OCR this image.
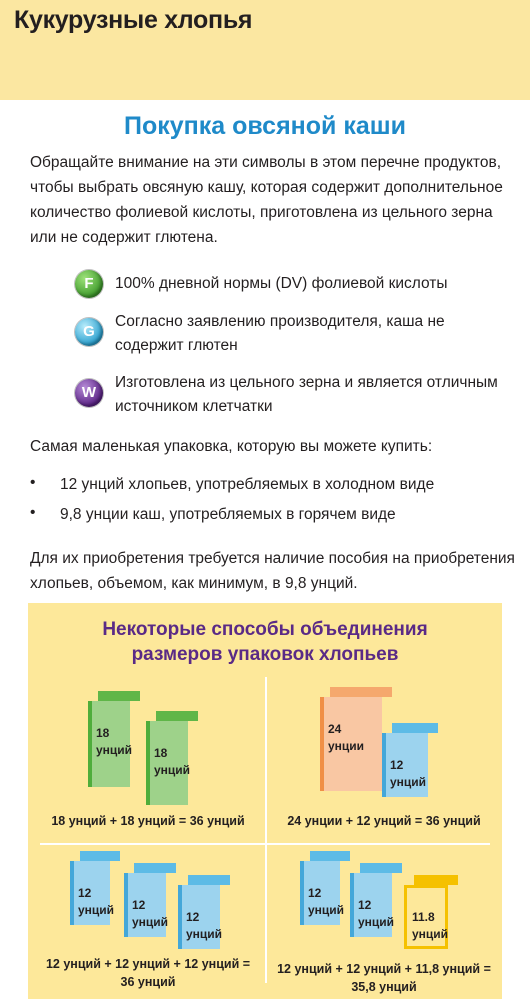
Кукурузные хлопья
Покупка овсяной каши
Обращайте внимание на эти символы в этом перечне продуктов, чтобы выбрать овсяную кашу, которая содержит дополнительное количество фолиевой кислоты, приготовлена из цельного зерна или не содержит глютена.
F	100% дневной нормы (DV) фолиевой кислоты
G
Согласно заявлению производителя, каша не содержит глютен
W
Изготовлена из цельного зерна и является отличным источником клетчатки
Самая маленькая упаковка, которую вы можете купить:
• 12 унций хлопьев, употребляемых в холодном виде
• 9,8 унции каш, употребляемых в горячем виде
Для их приобретения требуется наличие пособия на приобретения хлопьев, объемом, как минимум, в 9,8 унций.
Некоторые способы объединения
размеров упаковок хлопьев
18
унций 18
унций
18 унций + 18 унций = 36 унций
24
унции
12
унций
24 унции + 12 унций = 36 унций
12
унций 12
унций 12
унций
12 унций + 12 унций + 12 унций =
36 унций
12
унций 12
унций 11.8
унций
12 унций + 12 унций + 11,8 унций =
35,8 унций
